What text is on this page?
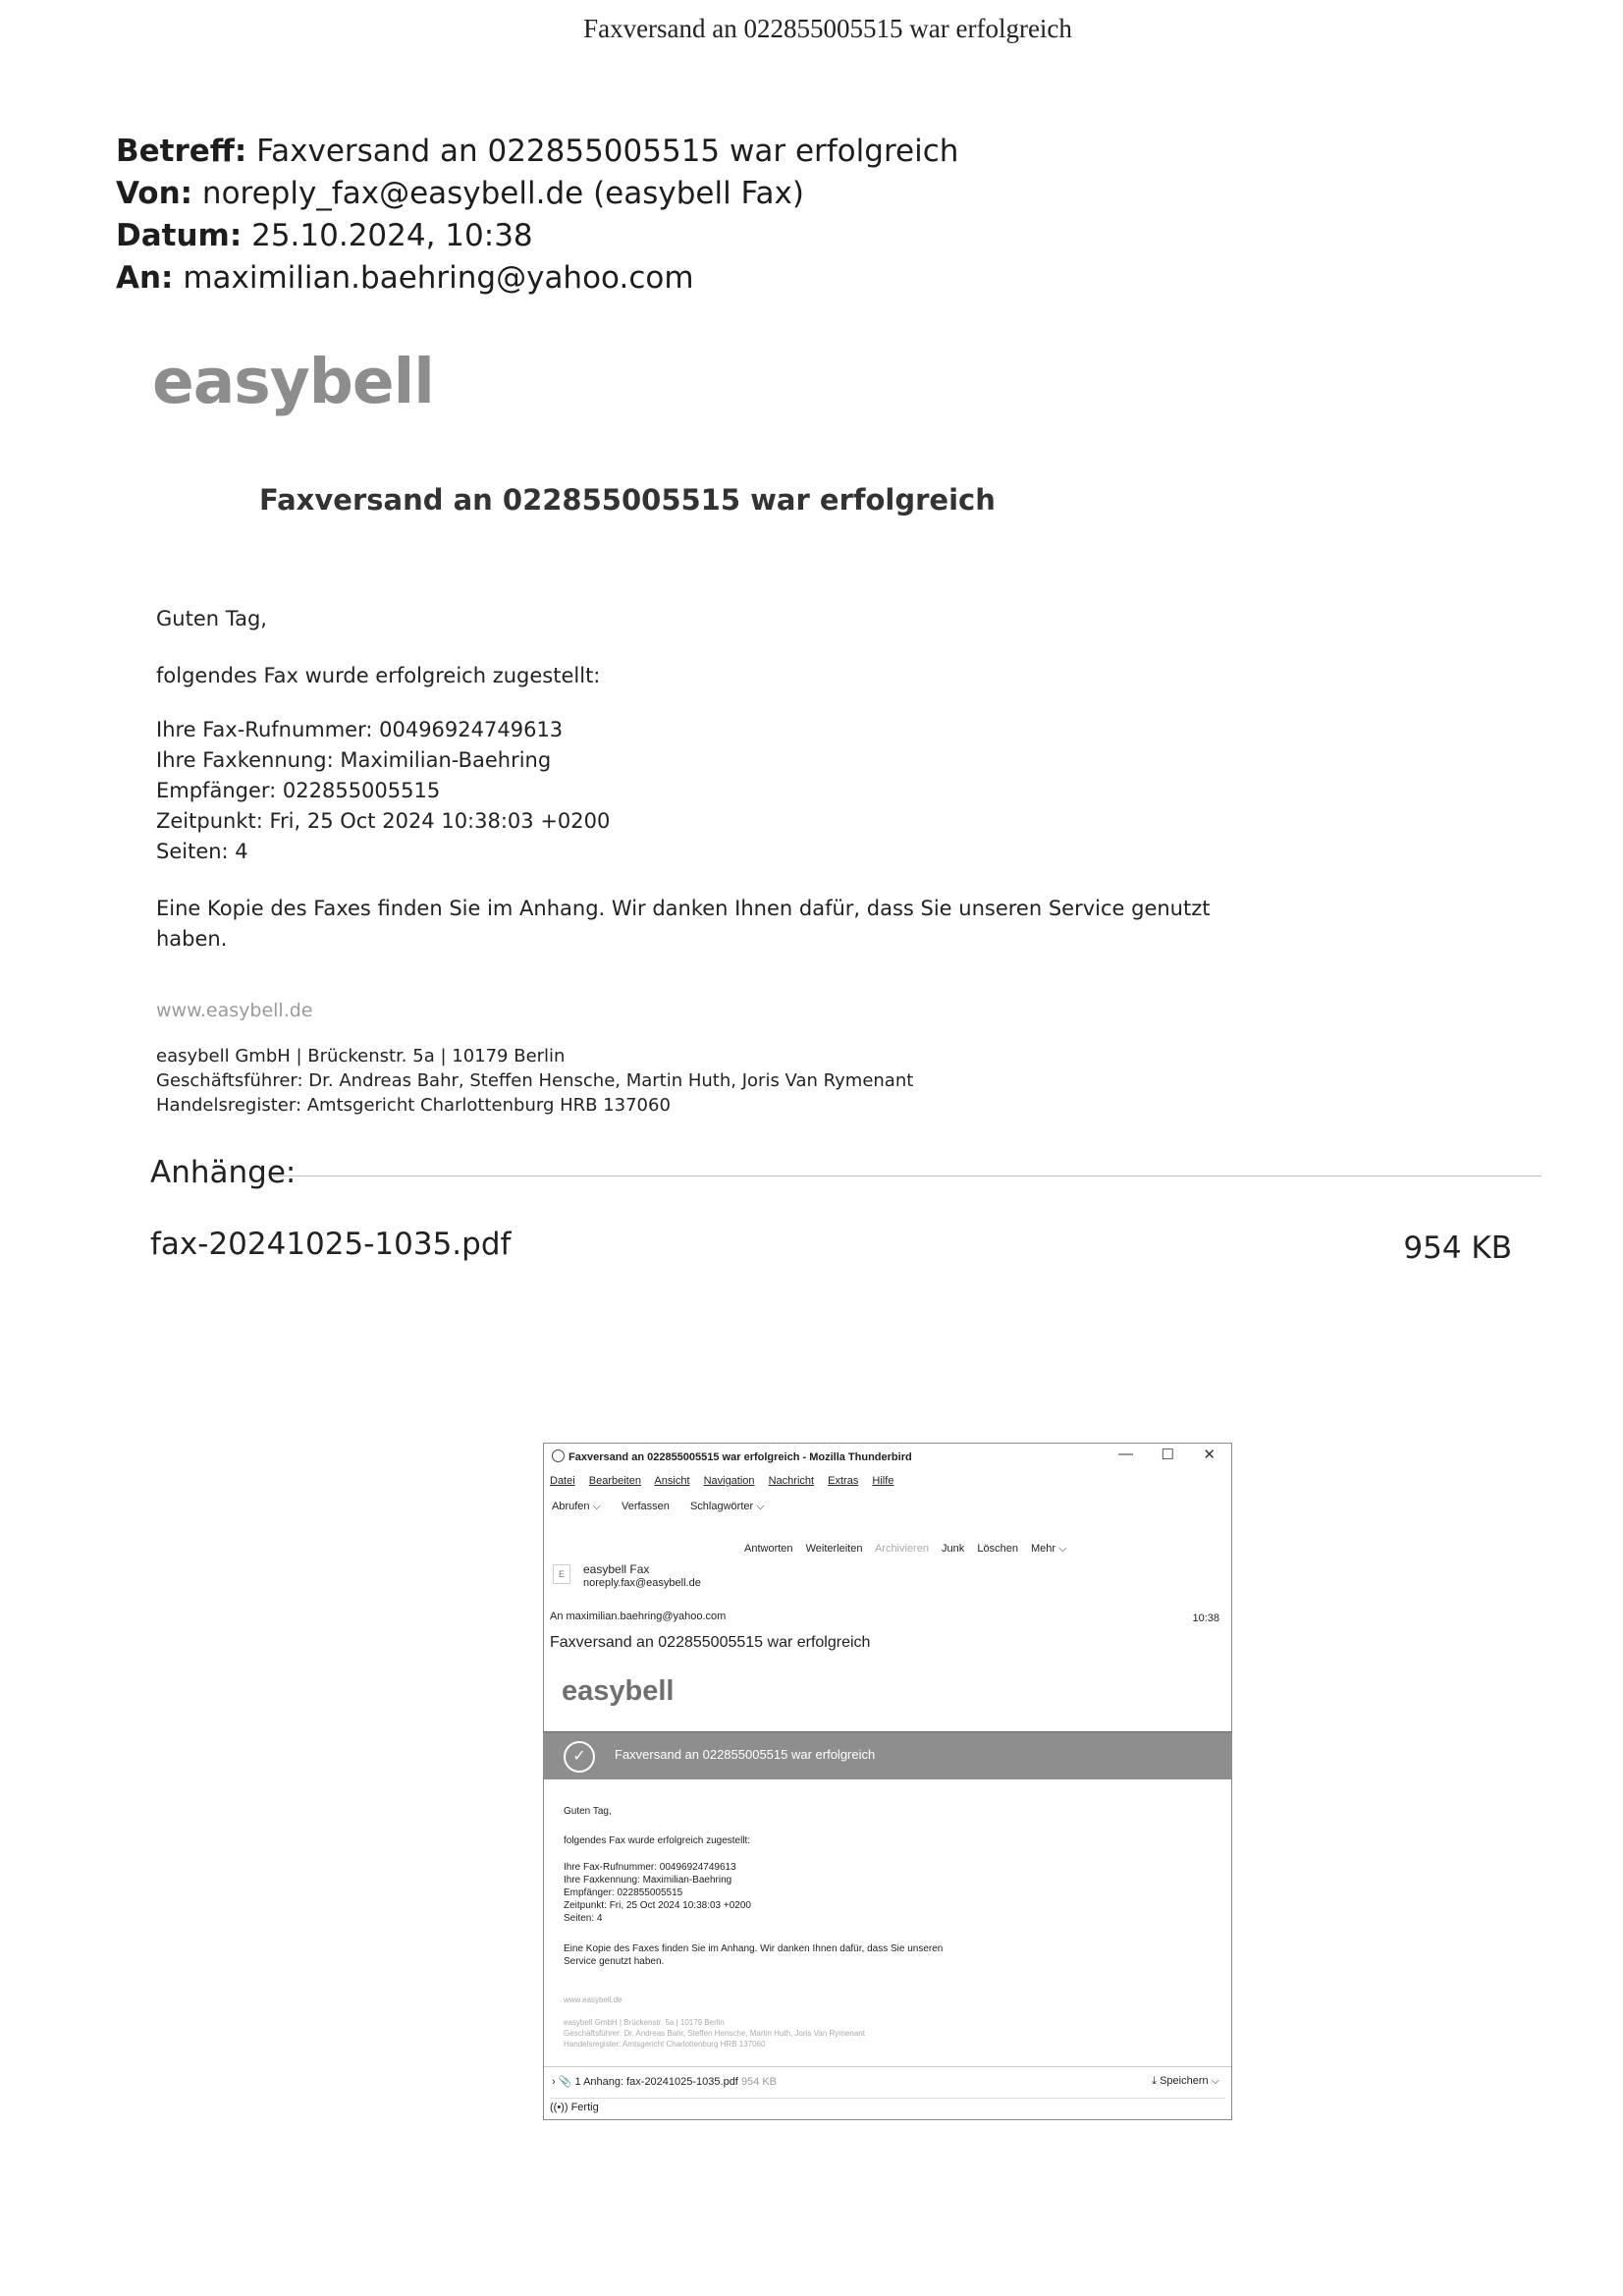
Faxversand an 022855005515 war erfolgreich
Betreff: Faxversand an 022855005515 war erfolgreich
Von: noreply_fax@easybell.de (easybell Fax)
Datum: 25.10.2024, 10:38
An: maximilian.baehring@yahoo.com
easybell
Faxversand an 022855005515 war erfolgreich
Guten Tag,
folgendes Fax wurde erfolgreich zugestellt:
Ihre Fax-Rufnummer: 00496924749613
Ihre Faxkennung: Maximilian-Baehring
Empfänger: 022855005515
Zeitpunkt: Fri, 25 Oct 2024 10:38:03 +0200
Seiten: 4
Eine Kopie des Faxes finden Sie im Anhang. Wir danken Ihnen dafür, dass Sie unseren Service genutzt
haben.
www.easybell.de
easybell GmbH | Brückenstr. 5a | 10179 Berlin
Geschäftsführer: Dr. Andreas Bahr, Steffen Hensche, Martin Huth, Joris Van Rymenant
Handelsregister: Amtsgericht Charlottenburg HRB 137060
Anhänge:
fax-20241025-1035.pdf	954 KB
Faxversand an 022855005515 war erfolgreich - Mozilla Thunderbird	— ☐ ✕
Datei Bearbeiten Ansicht Navigation Nachricht Extras Hilfe
Abrufen ⌵ Verfassen Schlagwörter ⌵
Antworten Weiterleiten Archivieren Junk Löschen Mehr ⌵
E	easybell Fax
noreply.fax@easybell.de
An maximilian.baehring@yahoo.com	10:38
Faxversand an 022855005515 war erfolgreich
easybell
✓	Faxversand an 022855005515 war erfolgreich
Guten Tag,
folgendes Fax wurde erfolgreich zugestellt:
Ihre Fax-Rufnummer: 00496924749613
Ihre Faxkennung: Maximilian-Baehring
Empfänger: 022855005515
Zeitpunkt: Fri, 25 Oct 2024 10:38:03 +0200
Seiten: 4
Eine Kopie des Faxes finden Sie im Anhang. Wir danken Ihnen dafür, dass Sie unseren
Service genutzt haben.
www.easybell.de
easybell GmbH | Brückenstr. 5a | 10179 Berlin
Geschäftsführer: Dr. Andreas Bahr, Steffen Hensche, Martin Huth, Joris Van Rymenant
Handelsregister: Amtsgericht Charlottenburg HRB 137060
› 📎 1 Anhang: fax-20241025-1035.pdf 954 KB	⤓ Speichern ⌵
((•)) Fertig
